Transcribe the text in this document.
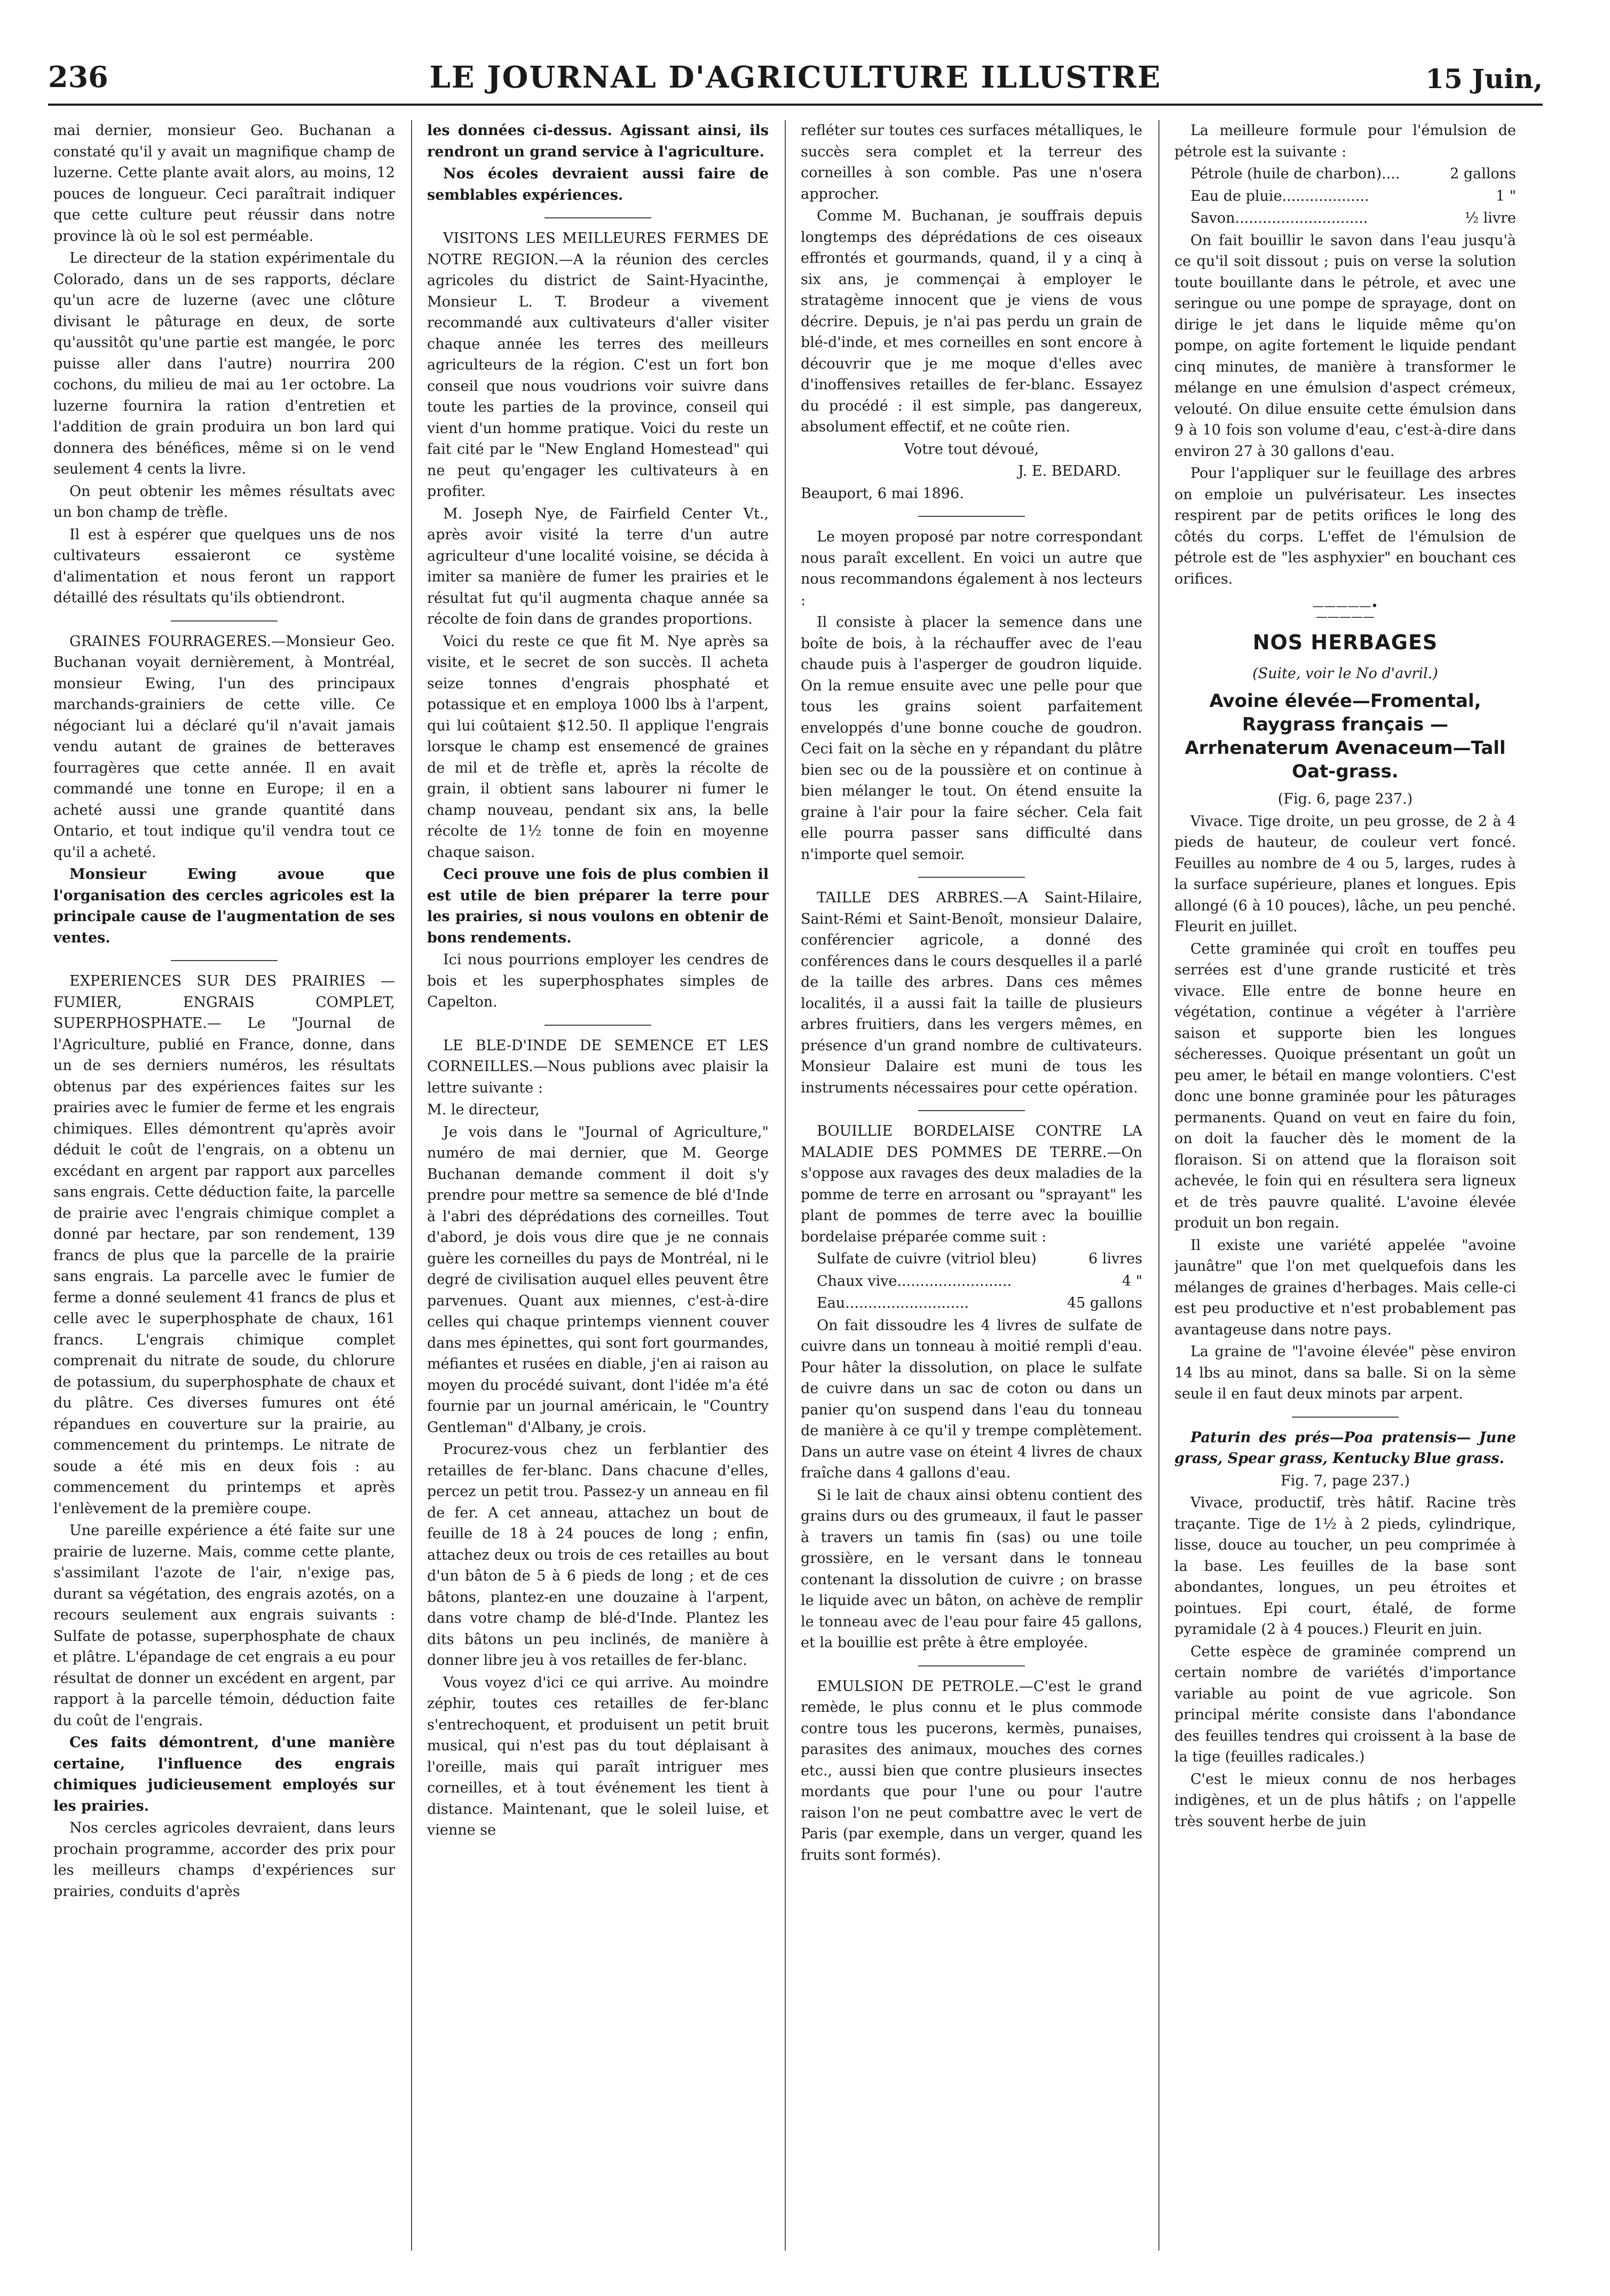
236	LE JOURNAL D'AGRICULTURE ILLUSTRE	15 Juin,

mai dernier, monsieur Geo. Buchanan a constaté qu'il y avait un magnifique champ de luzerne. Cette plante avait alors, au moins, 12 pouces de longueur. Ceci paraîtrait indiquer que cette culture peut réussir dans notre province là où le sol est perméable.

Le directeur de la station expérimentale du Colorado, dans un de ses rapports, déclare qu'un acre de luzerne (avec une clôture divisant le pâturage en deux, de sorte qu'aussitôt qu'une partie est mangée, le porc puisse aller dans l'autre) nourrira 200 cochons, du milieu de mai au 1er octobre. La luzerne fournira la ration d'entretien et l'addition de grain produira un bon lard qui donnera des bénéfices, même si on le vend seulement 4 cents la livre.

On peut obtenir les mêmes résultats avec un bon champ de trèfle.

Il est à espérer que quelques uns de nos cultivateurs essaieront ce système d'alimentation et nous feront un rapport détaillé des résultats qu'ils obtiendront.

GRAINES FOURRAGERES.—Monsieur Geo. Buchanan voyait dernièrement, à Montréal, monsieur Ewing, l'un des principaux marchands-grainiers de cette ville. Ce négociant lui a déclaré qu'il n'avait jamais vendu autant de graines de betteraves fourragères que cette année. Il en avait commandé une tonne en Europe; il en a acheté aussi une grande quantité dans Ontario, et tout indique qu'il vendra tout ce qu'il a acheté.

Monsieur Ewing avoue que l'organisation des cercles agricoles est la principale cause de l'augmentation de ses ventes.

EXPERIENCES SUR DES PRAIRIES — FUMIER, ENGRAIS COMPLET, SUPERPHOSPHATE.— Le "Journal de l'Agriculture, publié en France, donne, dans un de ses derniers numéros, les résultats obtenus par des expériences faites sur les prairies avec le fumier de ferme et les engrais chimiques. Elles démontrent qu'après avoir déduit le coût de l'engrais, on a obtenu un excédant en argent par rapport aux parcelles sans engrais. Cette déduction faite, la parcelle de prairie avec l'engrais chimique complet a donné par hectare, par son rendement, 139 francs de plus que la parcelle de la prairie sans engrais. La parcelle avec le fumier de ferme a donné seulement 41 francs de plus et celle avec le superphosphate de chaux, 161 francs. L'engrais chimique complet comprenait du nitrate de soude, du chlorure de potassium, du superphosphate de chaux et du plâtre. Ces diverses fumures ont été répandues en couverture sur la prairie, au commencement du printemps. Le nitrate de soude a été mis en deux fois : au commencement du printemps et après l'enlèvement de la première coupe.

Une pareille expérience a été faite sur une prairie de luzerne. Mais, comme cette plante, s'assimilant l'azote de l'air, n'exige pas, durant sa végétation, des engrais azotés, on a recours seulement aux engrais suivants : Sulfate de potasse, superphosphate de chaux et plâtre. L'épandage de cet engrais a eu pour résultat de donner un excédent en argent, par rapport à la parcelle témoin, déduction faite du coût de l'engrais.

Ces faits démontrent, d'une manière certaine, l'influence des engrais chimiques judicieusement employés sur les prairies.

Nos cercles agricoles devraient, dans leurs prochain programme, accorder des prix pour les meilleurs champs d'expériences sur prairies, conduits d'après

les données ci-dessus. Agissant ainsi, ils rendront un grand service à l'agriculture.

Nos écoles devraient aussi faire de semblables expériences.

VISITONS LES MEILLEURES FERMES DE NOTRE REGION.—A la réunion des cercles agricoles du district de Saint-Hyacinthe, Monsieur L. T. Brodeur a vivement recommandé aux cultivateurs d'aller visiter chaque année les terres des meilleurs agriculteurs de la région. C'est un fort bon conseil que nous voudrions voir suivre dans toute les parties de la province, conseil qui vient d'un homme pratique. Voici du reste un fait cité par le "New England Homestead" qui ne peut qu'engager les cultivateurs à en profiter.

M. Joseph Nye, de Fairfield Center Vt., après avoir visité la terre d'un autre agriculteur d'une localité voisine, se décida à imiter sa manière de fumer les prairies et le résultat fut qu'il augmenta chaque année sa récolte de foin dans de grandes proportions.

Voici du reste ce que fit M. Nye après sa visite, et le secret de son succès. Il acheta seize tonnes d'engrais phosphaté et potassique et en employa 1000 lbs à l'arpent, qui lui coûtaient $12.50. Il applique l'engrais lorsque le champ est ensemencé de graines de mil et de trèfle et, après la récolte de grain, il obtient sans labourer ni fumer le champ nouveau, pendant six ans, la belle récolte de 1½ tonne de foin en moyenne chaque saison.

Ceci prouve une fois de plus combien il est utile de bien préparer la terre pour les prairies, si nous voulons en obtenir de bons rendements.

Ici nous pourrions employer les cendres de bois et les superphosphates simples de Capelton.

LE BLE-D'INDE DE SEMENCE ET LES CORNEILLES.—Nous publions avec plaisir la lettre suivante :

M. le directeur,

Je vois dans le "Journal of Agriculture," numéro de mai dernier, que M. George Buchanan demande comment il doit s'y prendre pour mettre sa semence de blé d'Inde à l'abri des déprédations des corneilles. Tout d'abord, je dois vous dire que je ne connais guère les corneilles du pays de Montréal, ni le degré de civilisation auquel elles peuvent être parvenues. Quant aux miennes, c'est-à-dire celles qui chaque printemps viennent couver dans mes épinettes, qui sont fort gourmandes, méfiantes et rusées en diable, j'en ai raison au moyen du procédé suivant, dont l'idée m'a été fournie par un journal américain, le "Country Gentleman" d'Albany, je crois.

Procurez-vous chez un ferblantier des retailles de fer-blanc. Dans chacune d'elles, percez un petit trou. Passez-y un anneau en fil de fer. A cet anneau, attachez un bout de feuille de 18 à 24 pouces de long ; enfin, attachez deux ou trois de ces retailles au bout d'un bâton de 5 à 6 pieds de long ; et de ces bâtons, plantez-en une douzaine à l'arpent, dans votre champ de blé-d'Inde. Plantez les dits bâtons un peu inclinés, de manière à donner libre jeu à vos retailles de fer-blanc.

Vous voyez d'ici ce qui arrive. Au moindre zéphir, toutes ces retailles de fer-blanc s'entrechoquent, et produisent un petit bruit musical, qui n'est pas du tout déplaisant à l'oreille, mais qui paraît intriguer mes corneilles, et à tout événement les tient à distance. Maintenant, que le soleil luise, et vienne se

refléter sur toutes ces surfaces métalliques, le succès sera complet et la terreur des corneilles à son comble. Pas une n'osera approcher.

Comme M. Buchanan, je souffrais depuis longtemps des déprédations de ces oiseaux effrontés et gourmands, quand, il y a cinq à six ans, je commençai à employer le stratagème innocent que je viens de vous décrire. Depuis, je n'ai pas perdu un grain de blé-d'inde, et mes corneilles en sont encore à découvrir que je me moque d'elles avec d'inoffensives retailles de fer-blanc. Essayez du procédé : il est simple, pas dangereux, absolument effectif, et ne coûte rien.

Votre tout dévoué,

J. E. BEDARD.

Beauport, 6 mai 1896.

Le moyen proposé par notre correspondant nous paraît excellent. En voici un autre que nous recommandons également à nos lecteurs :

Il consiste à placer la semence dans une boîte de bois, à la réchauffer avec de l'eau chaude puis à l'asperger de goudron liquide. On la remue ensuite avec une pelle pour que tous les grains soient parfaitement enveloppés d'une bonne couche de goudron. Ceci fait on la sèche en y répandant du plâtre bien sec ou de la poussière et on continue à bien mélanger le tout. On étend ensuite la graine à l'air pour la faire sécher. Cela fait elle pourra passer sans difficulté dans n'importe quel semoir.

TAILLE DES ARBRES.—A Saint-Hilaire, Saint-Rémi et Saint-Benoît, monsieur Dalaire, conférencier agricole, a donné des conférences dans le cours desquelles il a parlé de la taille des arbres. Dans ces mêmes localités, il a aussi fait la taille de plusieurs arbres fruitiers, dans les vergers mêmes, en présence d'un grand nombre de cultivateurs. Monsieur Dalaire est muni de tous les instruments nécessaires pour cette opération.

BOUILLIE BORDELAISE CONTRE LA MALADIE DES POMMES DE TERRE.—On s'oppose aux ravages des deux maladies de la pomme de terre en arrosant ou "sprayant" les plant de pommes de terre avec la bouillie bordelaise préparée comme suit :

Sulfate de cuivre (vitriol bleu)	6 livres

Chaux vive.........................	4 "

Eau...........................	45 gallons

On fait dissoudre les 4 livres de sulfate de cuivre dans un tonneau à moitié rempli d'eau. Pour hâter la dissolution, on place le sulfate de cuivre dans un sac de coton ou dans un panier qu'on suspend dans l'eau du tonneau de manière à ce qu'il y trempe complètement. Dans un autre vase on éteint 4 livres de chaux fraîche dans 4 gallons d'eau.

Si le lait de chaux ainsi obtenu contient des grains durs ou des grumeaux, il faut le passer à travers un tamis fin (sas) ou une toile grossière, en le versant dans le tonneau contenant la dissolution de cuivre ; on brasse le liquide avec un bâton, on achève de remplir le tonneau avec de l'eau pour faire 45 gallons, et la bouillie est prête à être employée.

EMULSION DE PETROLE.—C'est le grand remède, le plus connu et le plus commode contre tous les pucerons, kermès, punaises, parasites des animaux, mouches des cornes etc., aussi bien que contre plusieurs insectes mordants que pour l'une ou pour l'autre raison l'on ne peut combattre avec le vert de Paris (par exemple, dans un verger, quand les fruits sont formés).

La meilleure formule pour l'émulsion de pétrole est la suivante :

Pétrole (huile de charbon)....	2 gallons

Eau de pluie...................	1 "

Savon.............................	½ livre

On fait bouillir le savon dans l'eau jusqu'à ce qu'il soit dissout ; puis on verse la solution toute bouillante dans le pétrole, et avec une seringue ou une pompe de sprayage, dont on dirige le jet dans le liquide même qu'on pompe, on agite fortement le liquide pendant cinq minutes, de manière à transformer le mélange en une émulsion d'aspect crémeux, velouté. On dilue ensuite cette émulsion dans 9 à 10 fois son volume d'eau, c'est-à-dire dans environ 27 à 30 gallons d'eau.

Pour l'appliquer sur le feuillage des arbres on emploie un pulvérisateur. Les insectes respirent par de petits orifices le long des côtés du corps. L'effet de l'émulsion de pétrole est de "les asphyxier" en bouchant ces orifices.

—————•—————
NOS HERBAGES

(Suite, voir le No d'avril.)

Avoine élevée—Fromental, Raygrass français — Arrhenaterum Avenaceum—Tall Oat-grass.

(Fig. 6, page 237.)

Vivace. Tige droite, un peu grosse, de 2 à 4 pieds de hauteur, de couleur vert foncé. Feuilles au nombre de 4 ou 5, larges, rudes à la surface supérieure, planes et longues. Epis allongé (6 à 10 pouces), lâche, un peu penché. Fleurit en juillet.

Cette graminée qui croît en touffes peu serrées est d'une grande rusticité et très vivace. Elle entre de bonne heure en végétation, continue a végéter à l'arrière saison et supporte bien les longues sécheresses. Quoique présentant un goût un peu amer, le bétail en mange volontiers. C'est donc une bonne graminée pour les pâturages permanents. Quand on veut en faire du foin, on doit la faucher dès le moment de la floraison. Si on attend que la floraison soit achevée, le foin qui en résultera sera ligneux et de très pauvre qualité. L'avoine élevée produit un bon regain.

Il existe une variété appelée "avoine jaunâtre" que l'on met quelquefois dans les mélanges de graines d'herbages. Mais celle-ci est peu productive et n'est probablement pas avantageuse dans notre pays.

La graine de "l'avoine élevée" pèse environ 14 lbs au minot, dans sa balle. Si on la sème seule il en faut deux minots par arpent.

Paturin des prés—Poa pratensis— June grass, Spear grass, Kentucky Blue grass.

Fig. 7, page 237.)

Vivace, productif, très hâtif. Racine très traçante. Tige de 1½ à 2 pieds, cylindrique, lisse, douce au toucher, un peu comprimée à la base. Les feuilles de la base sont abondantes, longues, un peu étroites et pointues. Epi court, étalé, de forme pyramidale (2 à 4 pouces.) Fleurit en juin.

Cette espèce de graminée comprend un certain nombre de variétés d'importance variable au point de vue agricole. Son principal mérite consiste dans l'abondance des feuilles tendres qui croissent à la base de la tige (feuilles radicales.)

C'est le mieux connu de nos herbages indigènes, et un de plus hâtifs ; on l'appelle très souvent herbe de juin
